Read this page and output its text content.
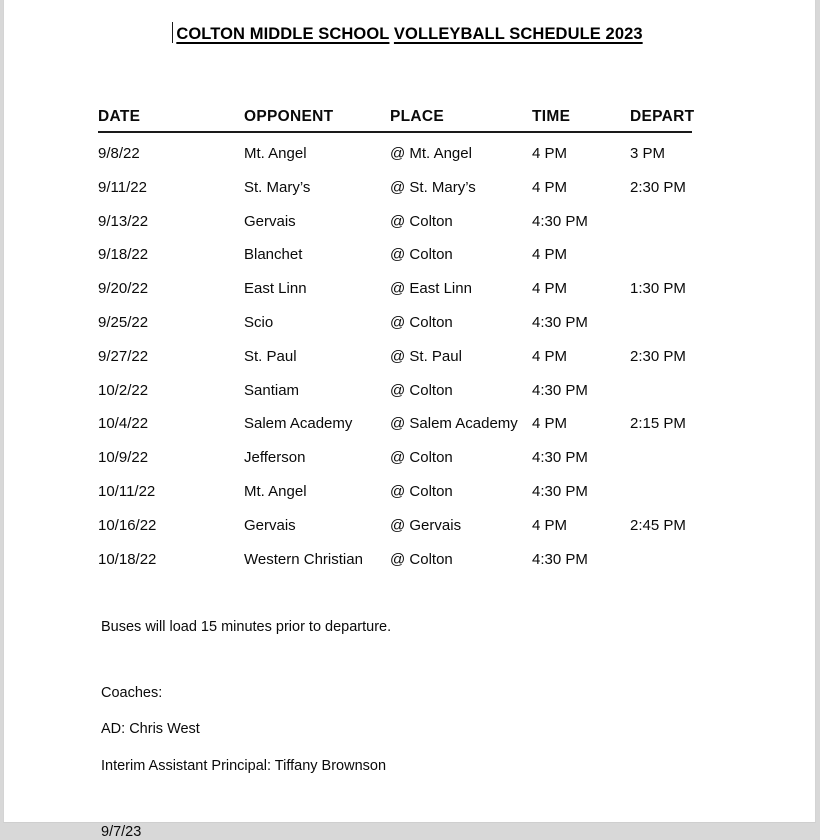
COLTON MIDDLE SCHOOL VOLLEYBALL SCHEDULE 2023
DATE	OPPONENT	PLACE	TIME	DEPART
9/8/22	Mt. Angel	@ Mt. Angel	4 PM	3 PM
9/11/22	St. Mary’s	@ St. Mary’s	4 PM	2:30 PM
9/13/22	Gervais	@ Colton	4:30 PM	
9/18/22	Blanchet	@ Colton	4 PM	
9/20/22	East Linn	@ East Linn	4 PM	1:30 PM
9/25/22	Scio	@ Colton	4:30 PM	
9/27/22	St. Paul	@ St. Paul	4 PM	2:30 PM
10/2/22	Santiam	@ Colton	4:30 PM	
10/4/22	Salem Academy	@ Salem Academy	4 PM	2:15 PM
10/9/22	Jefferson	@ Colton	4:30 PM	
10/11/22	Mt. Angel	@ Colton	4:30 PM	
10/16/22	Gervais	@ Gervais	4 PM	2:45 PM
10/18/22	Western Christian	@ Colton	4:30 PM	
Buses will load 15 minutes prior to departure.
Coaches:
AD: Chris West
Interim Assistant Principal: Tiffany Brownson
9/7/23
